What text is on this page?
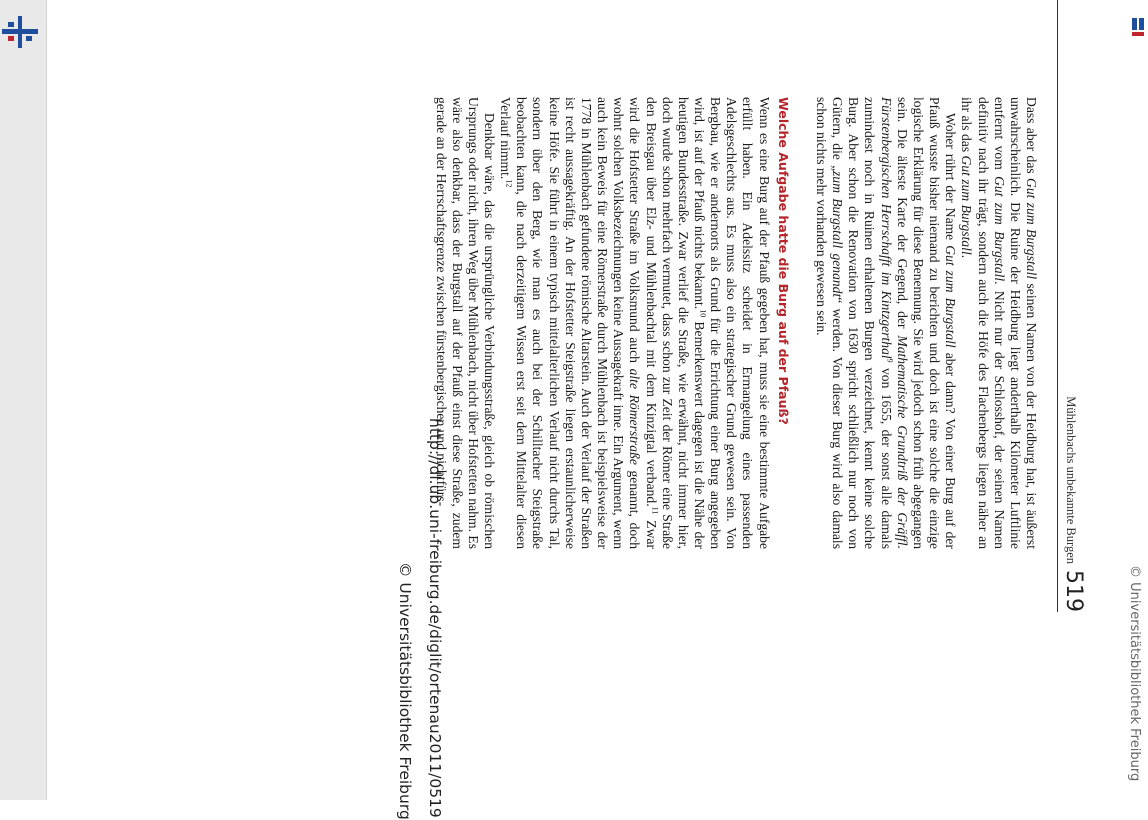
http://dl.ub.uni-freiburg.de/diglit/ortenau2011/0519
© Universitätsbibliothek Freiburg	© Universitätsbibliothek Freiburg
Mühlenbachs unbekannte Burgen
519

Dass aber das Gut zum Burgstall seinen Namen von der Heidburg hat, ist äußerst unwahrscheinlich. Die Ruine der Heidburg liegt anderthalb Kilometer Luftlinie entfernt vom Gut zum Burgstall. Nicht nur der Schlosshof, der seinen Namen definitiv nach ihr trägt, sondern auch die Höfe des Flachenbergs liegen näher an ihr als das Gut zum Burgstall.

Woher rührt der Name Gut zum Burgstall aber dann? Von einer Burg auf der Pfauß wusste bisher niemand zu berichten und doch ist eine solche die einzige logische Erklärung für diese Benennung. Sie wird jedoch schon früh abgegangen sein. Die älteste Karte der Gegend, der Mathematische Grundtriß der Gräffl. Fürstenbergischen Herrschafft im Kintzgerthal$^9$ von 1655, der sonst alle damals zumindest noch in Ruinen erhaltenen Burgen verzeichnet, kennt keine solche Burg. Aber schon die Renovation von 1630 spricht schließlich nur noch von Gütern, die „zum Burgstall genandt“ werden. Von dieser Burg wird also damals schon nichts mehr vorhanden gewesen sein.

Welche Aufgabe hatte die Burg auf der Pfauß?

Wenn es eine Burg auf der Pfauß gegeben hat, muss sie eine bestimmte Aufgabe erfüllt haben. Ein Adelssitz scheidet in Ermangelung eines passenden Adelsgeschlechts aus. Es muss also ein strategischer Grund gewesen sein. Von Bergbau, wie er andernorts als Grund für die Errichtung einer Burg angegeben wird, ist auf der Pfauß nichts bekannt.$^{10}$ Bemerkenswert dagegen ist die Nähe der heutigen Bundesstraße. Zwar verlief die Straße, wie erwähnt, nicht immer hier, doch wurde schon mehrfach vermutet, dass schon zur Zeit der Römer eine Straße den Breisgau über Elz- und Mühlenbachtal mit dem Kinzigtal verband.$^{11}$ Zwar wird die Hofstetter Straße im Volksmund auch alte Römerstraße genannt, doch wohnt solchen Volksbezeichnungen keine Aussagekraft inne. Ein Argument, wenn auch kein Beweis für eine Römerstraße durch Mühlenbach ist beispielsweise der 1778 in Mühlenbach gefundene römische Altarstein. Auch der Verlauf der Straßen ist recht aussagekräftig. An der Hofstetter Steigstraße liegen erstaunlicherweise keine Höfe. Sie führt in einem typisch mittelalterlichen Verlauf nicht durchs Tal, sondern über den Berg, wie man es auch bei der Schilltacher Steigstraße beobachten kann, die nach derzeitigem Wissen erst seit dem Mittelalter diesen Verlauf nimmt.$^{12}$

Denkbar wäre, das die ursprüngliche Verbindungsstraße, gleich ob römischen Ursprungs oder nicht, ihren Weg über Mühlenbach, nicht über Hofstetten nahm. Es wäre also denkbar, dass der Burgstall auf der Pfauß einst diese Straße, zudem gerade an der Herrschaftsgrenze zwischen fürstenbergischen und nichtfürs-
